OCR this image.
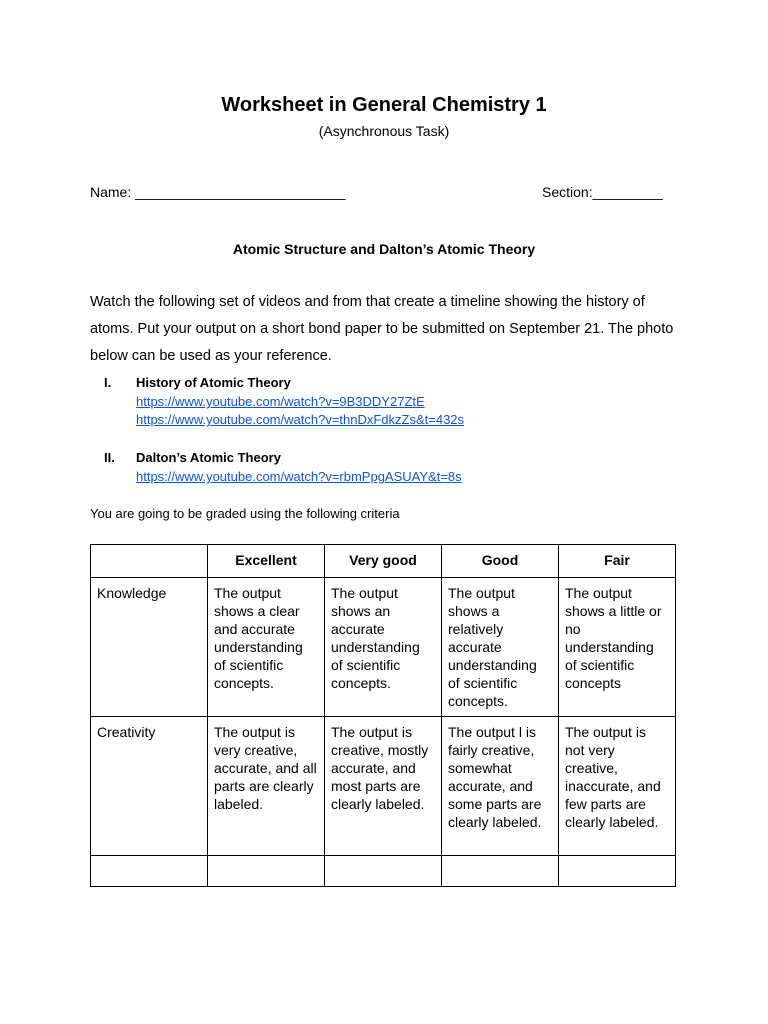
Worksheet in General Chemistry 1
(Asynchronous Task)
Name: ___________________________	Section:_________
Atomic Structure and Dalton’s Atomic Theory

Watch the following set of videos and from that create a timeline showing the history of atoms. Put your output on a short bond paper to be submitted on September 21. The photo below can be used as your reference.

I. History of Atomic Theory
https://www.youtube.com/watch?v=9B3DDY27ZtE
https://www.youtube.com/watch?v=thnDxFdkzZs&t=432s
II. Dalton’s Atomic Theory
https://www.youtube.com/watch?v=rbmPpgASUAY&t=8s
You are going to be graded using the following criteria
	Excellent	Very good	Good	Fair
Knowledge	The output shows a clear and accurate understanding of scientific concepts.	The output shows an accurate understanding of scientific concepts.	The output shows a relatively accurate understanding of scientific concepts.	The output shows a little or no understanding of scientific concepts
Creativity	The output is very creative, accurate, and all parts are clearly labeled.	The output is creative, mostly accurate, and most parts are clearly labeled.	The output l is fairly creative, somewhat accurate, and some parts are clearly labeled.	The output is not very creative, inaccurate, and few parts are clearly labeled.
